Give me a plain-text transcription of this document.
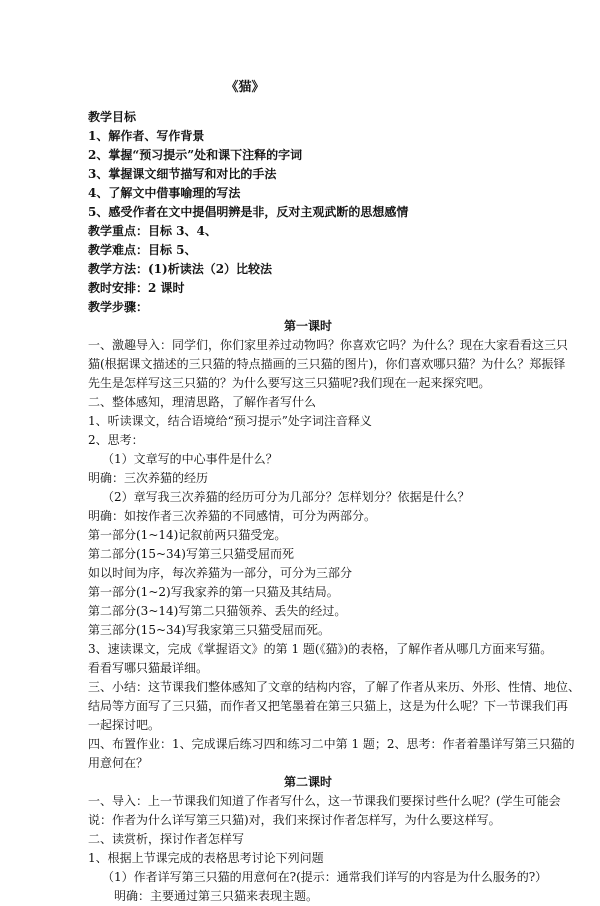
《猫》

教学目标

1、解作者、写作背景

2、掌握“预习提示”处和课下注释的字词

3、掌握课文细节描写和对比的手法

4、了解文中借事喻理的写法

5、感受作者在文中提倡明辨是非，反对主观武断的思想感情

教学重点：目标 3、4、

教学难点：目标 5、

教学方法：(1)析读法（2）比较法

教时安排：2 课时

教学步骤：

第一课时

一、激趣导入：同学们，你们家里养过动物吗？你喜欢它吗？为什么？现在大家看看这三只

猫(根据课文描述的三只猫的特点描画的三只猫的图片)，你们喜欢哪只猫？为什么？郑振铎

先生是怎样写这三只猫的？为什么要写这三只猫呢?我们现在一起来探究吧。

二、整体感知，理清思路，了解作者写什么

1、听读课文，结合语境给“预习提示”处字词注音释义

2、思考：

（1）文章写的中心事件是什么？

明确：三次养猫的经历

（2）章写我三次养猫的经历可分为几部分？怎样划分？依据是什么？

明确：如按作者三次养猫的不同感情，可分为两部分。

第一部分(1~14)记叙前两只猫受宠。

第二部分(15~34)写第三只猫受屈而死

如以时间为序，每次养猫为一部分，可分为三部分

第一部分(1~2)写我家养的第一只猫及其结局。

第二部分(3~14)写第二只猫领养、丢失的经过。

第三部分(15~34)写我家第三只猫受屈而死。

3、速读课文，完成《掌握语文》的第 1 题(《猫》)的表格，了解作者从哪几方面来写猫。

看看写哪只猫最详细。

三、小结：这节课我们整体感知了文章的结构内容，了解了作者从来历、外形、性情、地位、

结局等方面写了三只猫，而作者又把笔墨着在第三只猫上，这是为什么呢？下一节课我们再

一起探讨吧。

四、布置作业：1、完成课后练习四和练习二中第 1 题；2、思考：作者着墨详写第三只猫的

用意何在？

第二课时

一、导入：上一节课我们知道了作者写什么，这一节课我们要探讨些什么呢？(学生可能会

说：作者为什么详写第三只猫)对，我们来探讨作者怎样写，为什么要这样写。

二、读赏析，探讨作者怎样写

1、根据上节课完成的表格思考讨论下列问题

（1）作者详写第三只猫的用意何在?(提示：通常我们详写的内容是为什么服务的?）

明确：主要通过第三只猫来表现主题。
